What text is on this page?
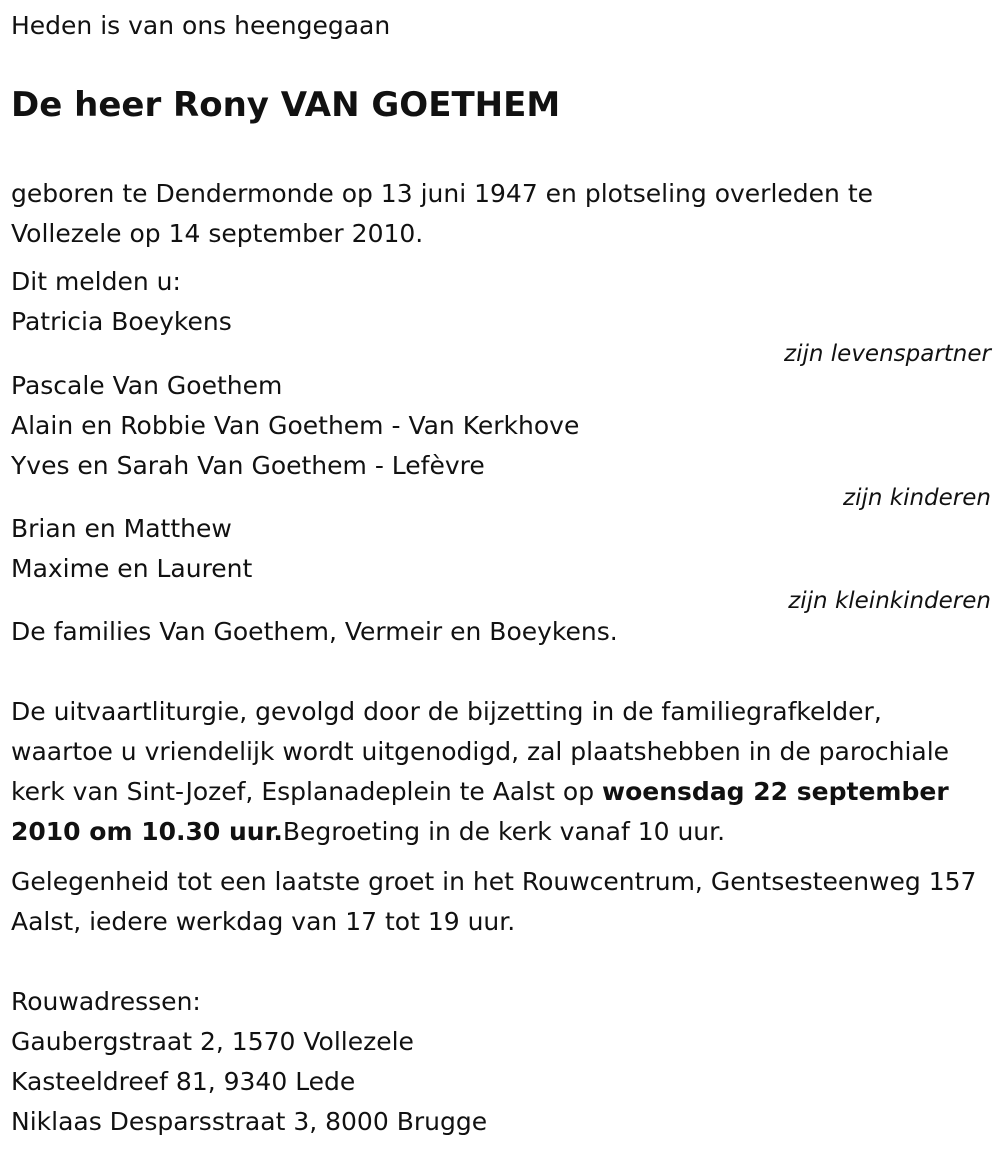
Heden is van ons heengegaan
De heer Rony VAN GOETHEM
geboren te Dendermonde op 13 juni 1947 en plotseling overleden te
Vollezele op 14 september 2010.
Dit melden u:
Patricia Boeykens
zijn levenspartner
Pascale Van Goethem
Alain en Robbie Van Goethem - Van Kerkhove
Yves en Sarah Van Goethem - Lefèvre
zijn kinderen
Brian en Matthew
Maxime en Laurent
zijn kleinkinderen
De families Van Goethem, Vermeir en Boeykens.
De uitvaartliturgie, gevolgd door de bijzetting in de familiegrafkelder, waartoe u vriendelijk wordt uitgenodigd, zal plaatshebben in de parochiale kerk van Sint-Jozef, Esplanadeplein te Aalst op woensdag 22 september 2010 om 10.30 uur.Begroeting in de kerk vanaf 10 uur.
Gelegenheid tot een laatste groet in het Rouwcentrum, Gentsesteenweg 157 Aalst, iedere werkdag van 17 tot 19 uur.
Rouwadressen:
Gaubergstraat 2, 1570 Vollezele
Kasteeldreef 81, 9340 Lede
Niklaas Desparsstraat 3, 8000 Brugge
